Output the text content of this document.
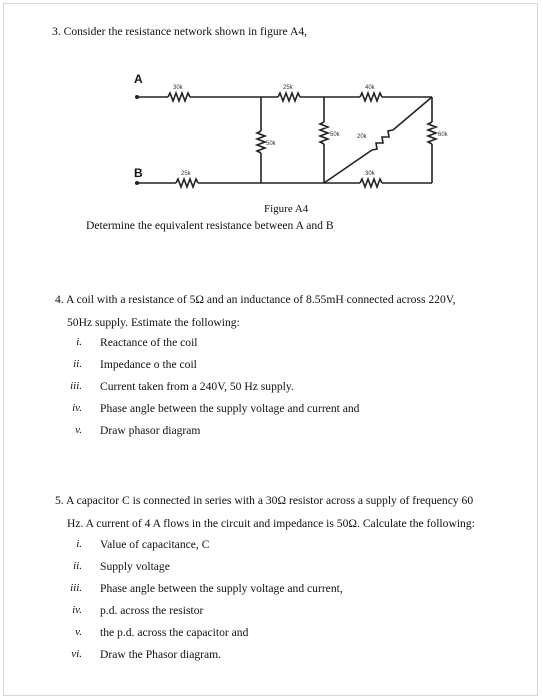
3. Consider the resistance network shown in figure A4,
A
B
30k	25k	40k
50k
50k	20k	60k
25k	30k
Figure A4
Determine the equivalent resistance between A and B
4. A coil with a resistance of 5Ω and an inductance of 8.55mH connected across 220V,
50Hz supply. Estimate the following:
i. Reactance of the coil
ii. Impedance o the coil
iii. Current taken from a 240V, 50 Hz supply.
iv. Phase angle between the supply voltage and current and
v. Draw phasor diagram
5. A capacitor C is connected in series with a 30Ω resistor across a supply of frequency 60
Hz. A current of 4 A flows in the circuit and impedance is 50Ω. Calculate the following:
i. Value of capacitance, C
ii. Supply voltage
iii. Phase angle between the supply voltage and current,
iv. p.d. across the resistor
v. the p.d. across the capacitor and
vi. Draw the Phasor diagram.
